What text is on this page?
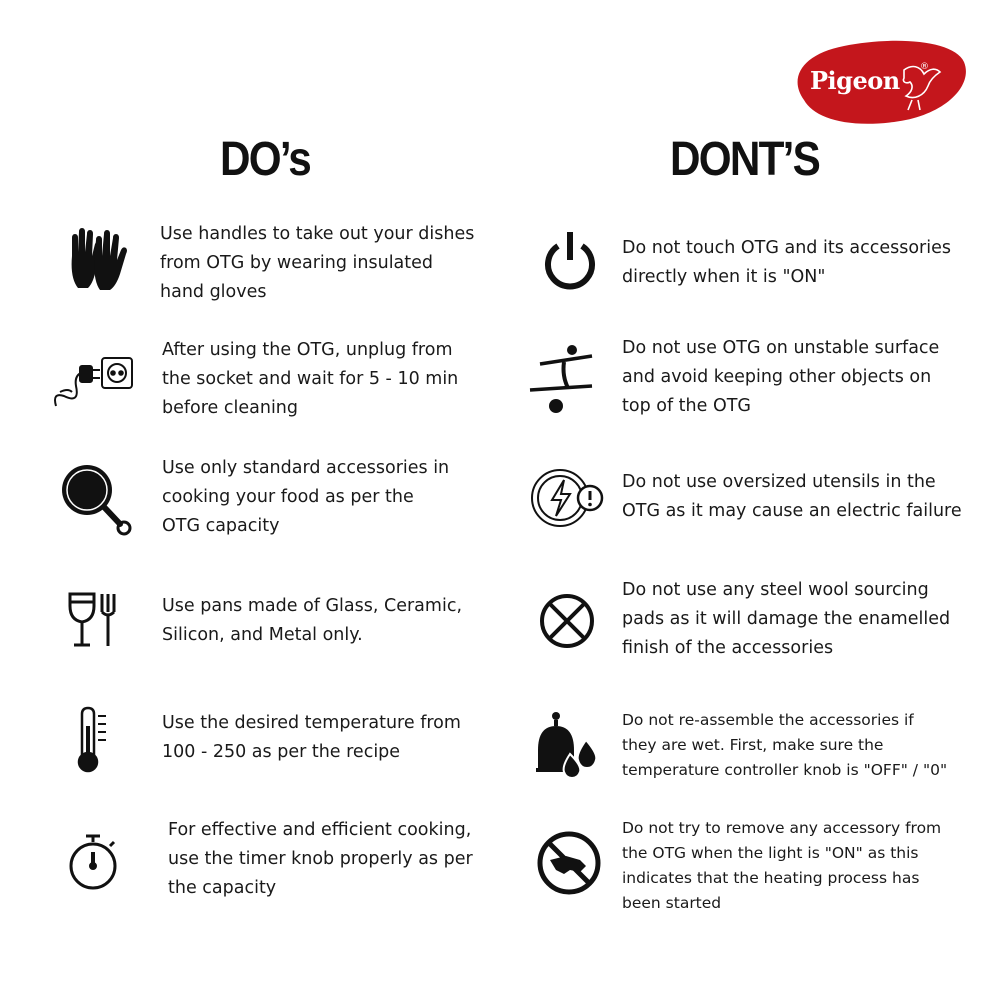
Pigeon ®
DO’s	DONT’S
Use handles to take out your dishes
from OTG by wearing insulated
hand gloves
After using the OTG, unplug from
the socket and wait for 5 - 10 min
before cleaning
Use only standard accessories in
cooking your food as per the
OTG capacity
Use pans made of Glass, Ceramic,
Silicon, and Metal only.
Use the desired temperature from
100 - 250 as per the recipe
For effective and efficient cooking,
use the timer knob properly as per
the capacity
Do not touch OTG and its accessories
directly when it is "ON"
Do not use OTG on unstable surface
and avoid keeping other objects on
top of the OTG
Do not use oversized utensils in the
OTG as it may cause an electric failure
Do not use any steel wool sourcing
pads as it will damage the enamelled
finish of the accessories
Do not re-assemble the accessories if
they are wet. First, make sure the
temperature controller knob is "OFF" / "0"
Do not try to remove any accessory from
the OTG when the light is "ON" as this
indicates that the heating process has
been started
